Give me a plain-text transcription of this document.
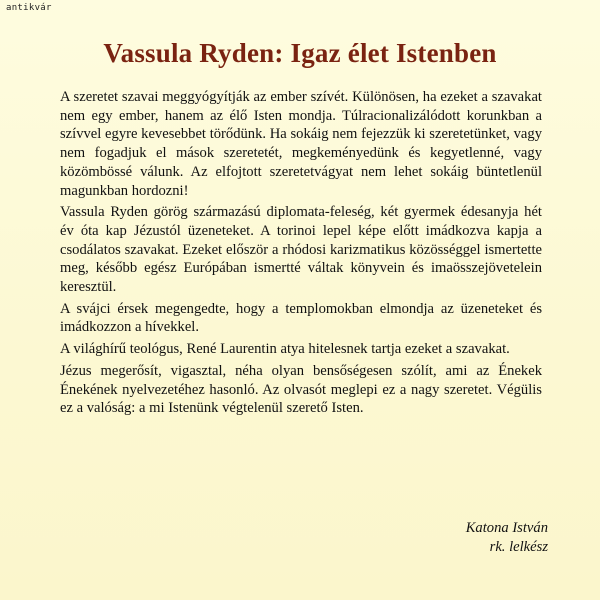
antikvár
Vassula Ryden: Igaz élet Istenben

A szeretet szavai meggyógyítják az ember szívét. Különösen, ha ezeket a szavakat nem egy ember, hanem az élő Isten mondja. Túlracionalizálódott korunkban a szívvel egyre kevesebbet törődünk. Ha sokáig nem fejezzük ki szeretetünket, vagy nem fogadjuk el mások szeretetét, megkeményedünk és kegyetlenné, vagy közömbössé válunk. Az elfojtott szeretetvágyat nem lehet sokáig büntetlenül magunkban hordozni!

Vassula Ryden görög származású diplomata-feleség, két gyermek édesanyja hét év óta kap Jézustól üzeneteket. A torinoi lepel képe előtt imádkozva kapja a csodálatos szavakat. Ezeket először a rhódosi karizmatikus közösséggel ismertette meg, később egész Európában ismertté váltak könyvein és imaösszejövetelein keresztül.

A svájci érsek megengedte, hogy a templomokban elmondja az üzeneteket és imádkozzon a hívekkel.

A világhírű teológus, René Laurentin atya hitelesnek tartja ezeket a szavakat.

Jézus megerősít, vigasztal, néha olyan bensőségesen szólít, ami az Énekek Énekének nyelvezetéhez hasonló. Az olvasót meglepi ez a nagy szeretet. Végülis ez a valóság: a mi Istenünk végtelenül szerető Isten.

Katona István
rk. lelkész
